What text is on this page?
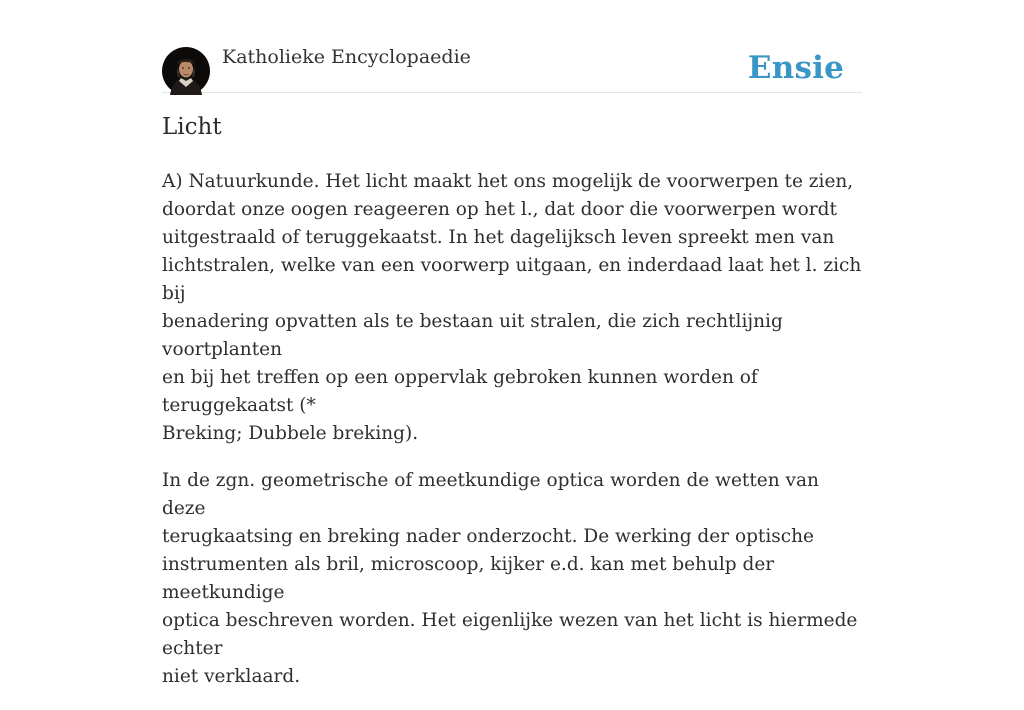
Katholieke Encyclopaedie	Ensie
Licht

A) Natuurkunde. Het licht maakt het ons mogelijk de voorwerpen te zien,
doordat onze oogen reageeren op het l., dat door die voorwerpen wordt
uitgestraald of teruggekaatst. In het dagelijksch leven spreekt men van
lichtstralen, welke van een voorwerp uitgaan, en inderdaad laat het l. zich bij
benadering opvatten als te bestaan uit stralen, die zich rechtlijnig voortplanten
en bij het treffen op een oppervlak gebroken kunnen worden of teruggekaatst (*
Breking; Dubbele breking).

In de zgn. geometrische of meetkundige optica worden de wetten van deze
terugkaatsing en breking nader onderzocht. De werking der optische
instrumenten als bril, microscoop, kijker e.d. kan met behulp der meetkundige
optica beschreven worden. Het eigenlijke wezen van het licht is hiermede echter
niet verklaard.
